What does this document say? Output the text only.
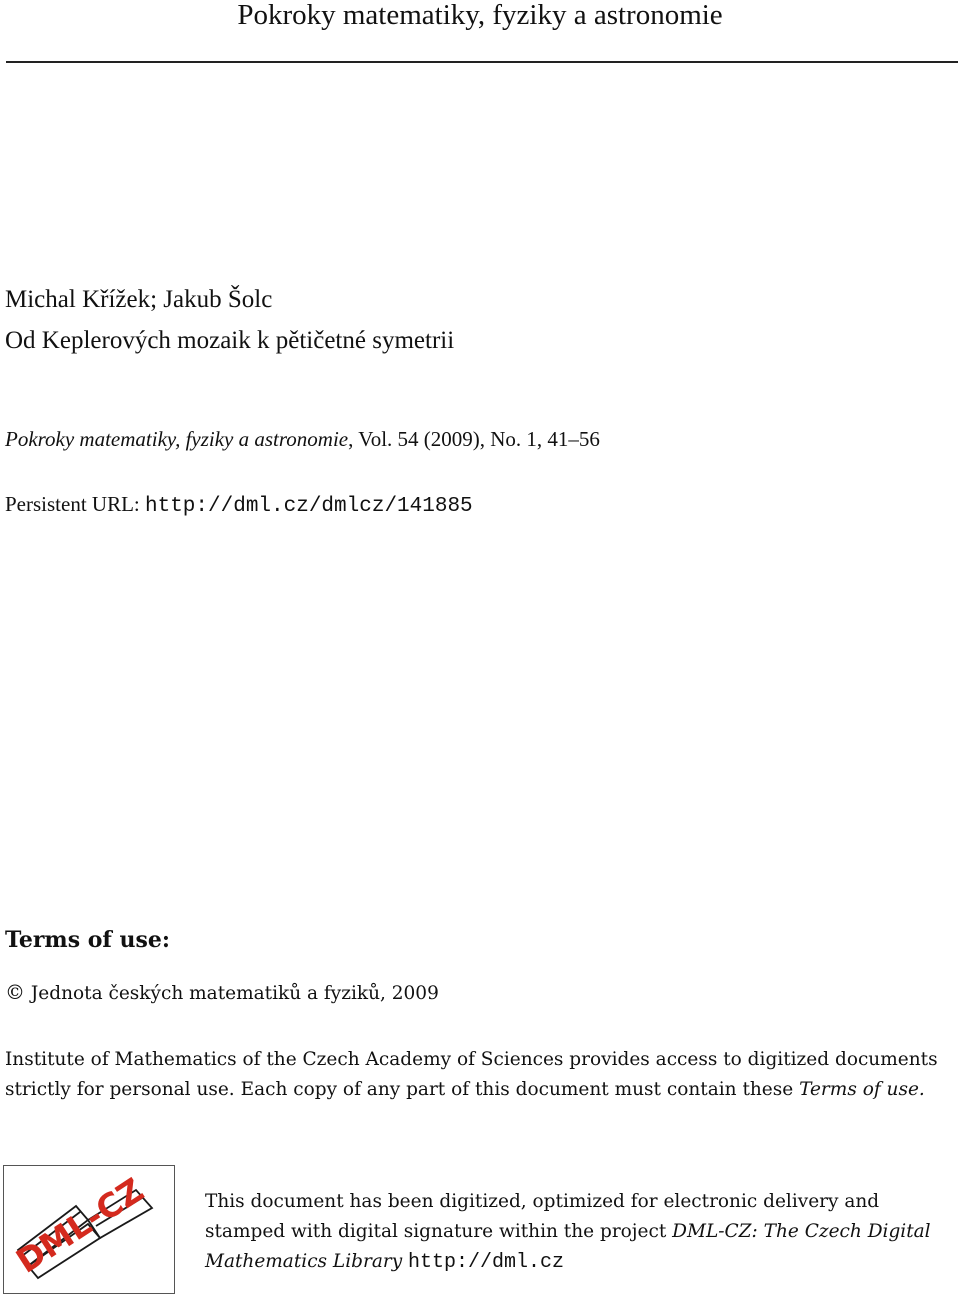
Pokroky matematiky, fyziky a astronomie
Michal Křížek; Jakub Šolc
Od Keplerových mozaik k pětičetné symetrii
Pokroky matematiky, fyziky a astronomie, Vol. 54 (2009), No. 1, 41–56
Persistent URL: http://dml.cz/dmlcz/141885
Terms of use:
© Jednota českých matematiků a fyziků, 2009
Institute of Mathematics of the Czech Academy of Sciences provides access to digitized documents strictly for personal use. Each copy of any part of this document must contain these Terms of use.
DML-CZ	This document has been digitized, optimized for electronic delivery and stamped with digital signature within the project DML-CZ: The Czech Digital Mathematics Library http://dml.cz
